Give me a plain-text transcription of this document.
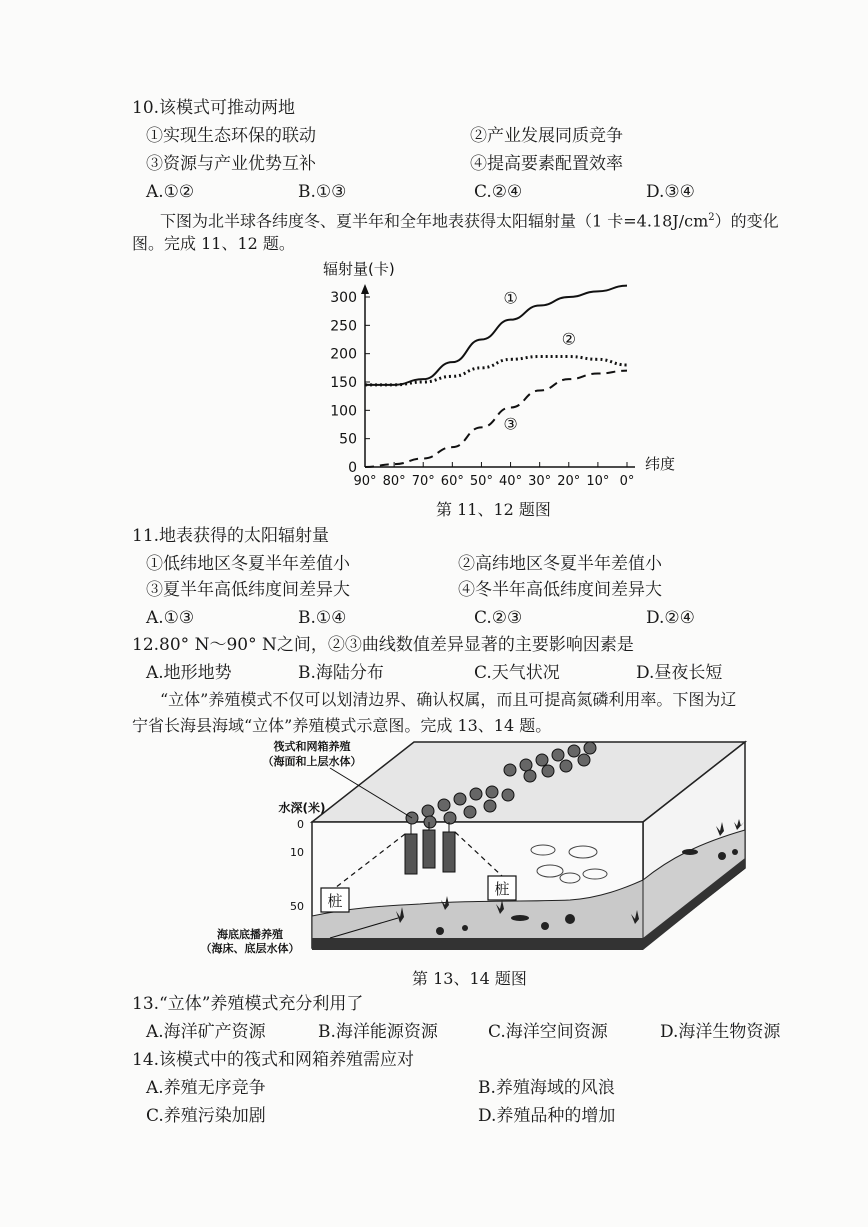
10.该模式可推动两地
①实现生态环保的联动	②产业发展同质竞争
③资源与产业优势互补	④提高要素配置效率
A.①②	B.①③	C.②④	D.③④
下图为北半球各纬度冬、夏半年和全年地表获得太阳辐射量（1 卡$=4.18J/cm^2$）的变化
图。完成 11、12 题。
0
50
100
150
200
250
300
90° 80° 70° 60° 50° 40° 30° 20° 10° 0°
辐射量(卡)
纬度
①
②
③
第 11、12 题图
11.地表获得的太阳辐射量
①低纬地区冬夏半年差值小	②高纬地区冬夏半年差值小
③夏半年高低纬度间差异大	④冬半年高低纬度间差异大
A.①③	B.①④	C.②③	D.②④
12.80° N～90° N之间，②③曲线数值差异显著的主要影响因素是
A.地形地势	B.海陆分布	C.天气状况	D.昼夜长短
“立体”养殖模式不仅可以划清边界、确认权属，而且可提高氮磷利用率。下图为辽
宁省长海县海域“立体”养殖模式示意图。完成 13、14 题。
桩
桩
筏式和网箱养殖
（海面和上层水体）
水深(米)
0
10
50
海底底播养殖
（海床、底层水体）
第 13、14 题图
13.“立体”养殖模式充分利用了
A.海洋矿产资源	B.海洋能源资源	C.海洋空间资源	D.海洋生物资源
14.该模式中的筏式和网箱养殖需应对
A.养殖无序竞争	B.养殖海域的风浪
C.养殖污染加剧	D.养殖品种的增加
